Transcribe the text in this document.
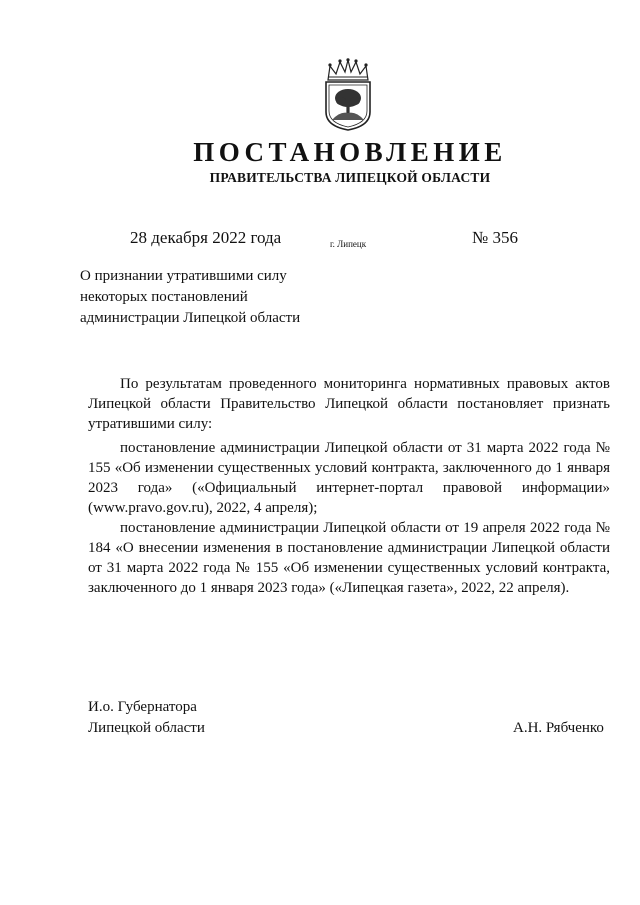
ПОСТАНОВЛЕНИЕ
ПРАВИТЕЛЬСТВА ЛИПЕЦКОЙ ОБЛАСТИ
28 декабря 2022 года	г. Липецк	№ 356
О признании утратившими силу
некоторых постановлений
администрации Липецкой области

По результатам проведенного мониторинга нормативных правовых актов Липецкой области Правительство Липецкой области постановляет признать утратившими силу:

постановление администрации Липецкой области от 31 марта 2022 года № 155 «Об изменении существенных условий контракта, заключенного до 1 января 2023 года» («Официальный интернет-портал правовой информации» (www.pravo.gov.ru), 2022, 4 апреля);

постановление администрации Липецкой области от 19 апреля 2022 года № 184 «О внесении изменения в постановление администрации Липецкой области от 31 марта 2022 года № 155 «Об изменении существенных условий контракта, заключенного до 1 января 2023 года» («Липецкая газета», 2022, 22 апреля).

И.о. Губернатора
Липецкой области	А.Н. Рябченко
